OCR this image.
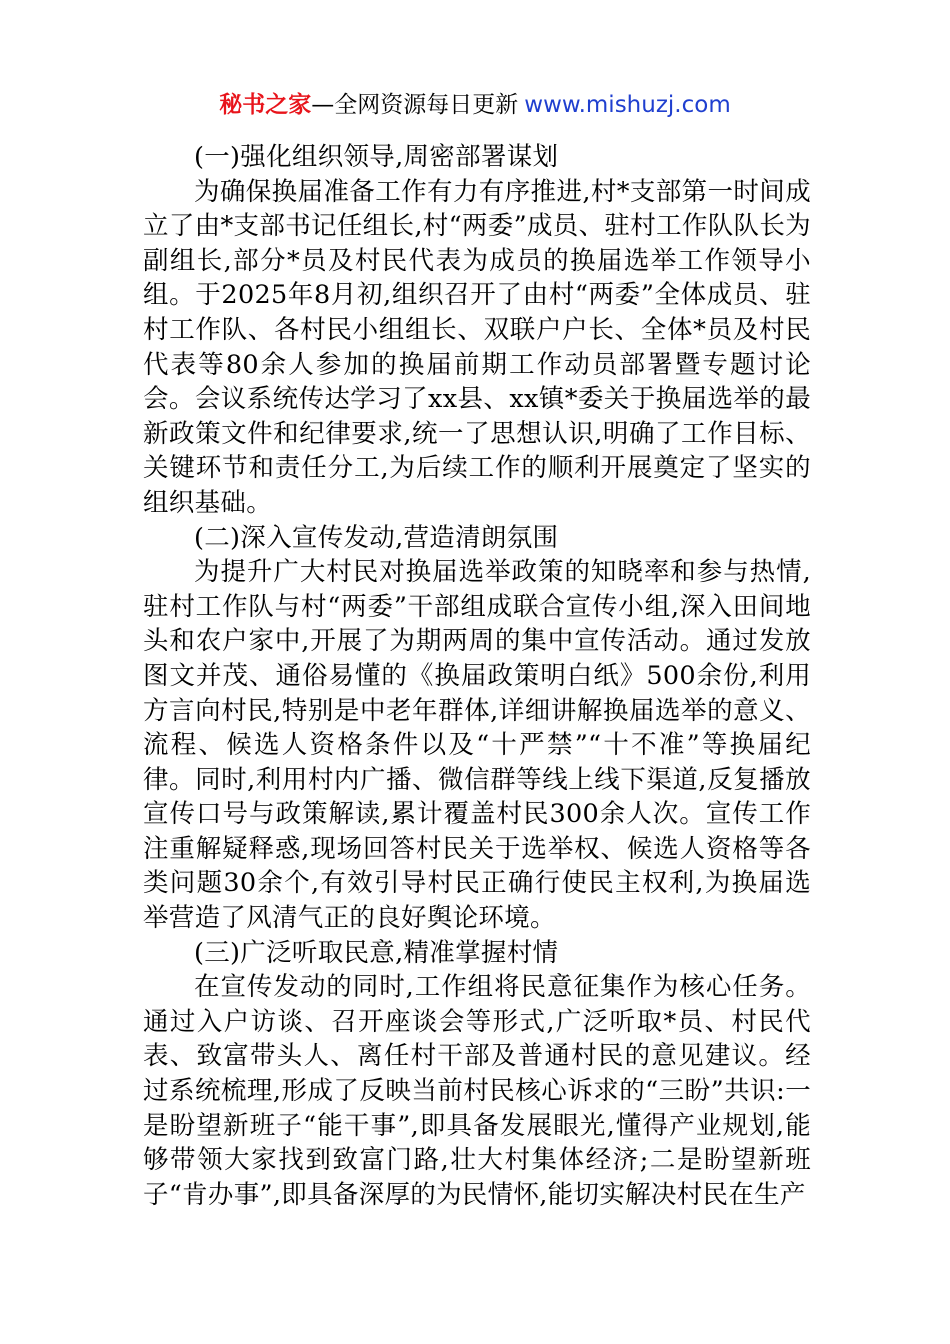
秘书之家—全网资源每日更新 www.mishuzj.com

(一)强化组织领导,周密部署谋划

为确保换届准备工作有力有序推进,村*支部第一时间成立了由*支部书记任组长,村“两委”成员、驻村工作队队长为副组长,部分*员及村民代表为成员的换届选举工作领导小组。于2025年8月初,组织召开了由村“两委”全体成员、驻村工作队、各村民小组组长、双联户户长、全体*员及村民代表等80余人参加的换届前期工作动员部署暨专题讨论会。会议系统传达学习了xx县、xx镇*委关于换届选举的最新政策文件和纪律要求,统一了思想认识,明确了工作目标、关键环节和责任分工,为后续工作的顺利开展奠定了坚实的组织基础。

(二)深入宣传发动,营造清朗氛围

为提升广大村民对换届选举政策的知晓率和参与热情,驻村工作队与村“两委”干部组成联合宣传小组,深入田间地头和农户家中,开展了为期两周的集中宣传活动。通过发放图文并茂、通俗易懂的《换届政策明白纸》500余份,利用方言向村民,特别是中老年群体,详细讲解换届选举的意义、流程、候选人资格条件以及“十严禁”“十不准”等换届纪律。同时,利用村内广播、微信群等线上线下渠道,反复播放宣传口号与政策解读,累计覆盖村民300余人次。宣传工作注重解疑释惑,现场回答村民关于选举权、候选人资格等各类问题30余个,有效引导村民正确行使民主权利,为换届选举营造了风清气正的良好舆论环境。

(三)广泛听取民意,精准掌握村情

在宣传发动的同时,工作组将民意征集作为核心任务。通过入户访谈、召开座谈会等形式,广泛听取*员、村民代表、致富带头人、离任村干部及普通村民的意见建议。经过系统梳理,形成了反映当前村民核心诉求的“三盼”共识:一是盼望新班子“能干事”,即具备发展眼光,懂得产业规划,能够带领大家找到致富门路,壮大村集体经济;二是盼望新班子“肯办事”,即具备深厚的为民情怀,能切实解决村民在生产
